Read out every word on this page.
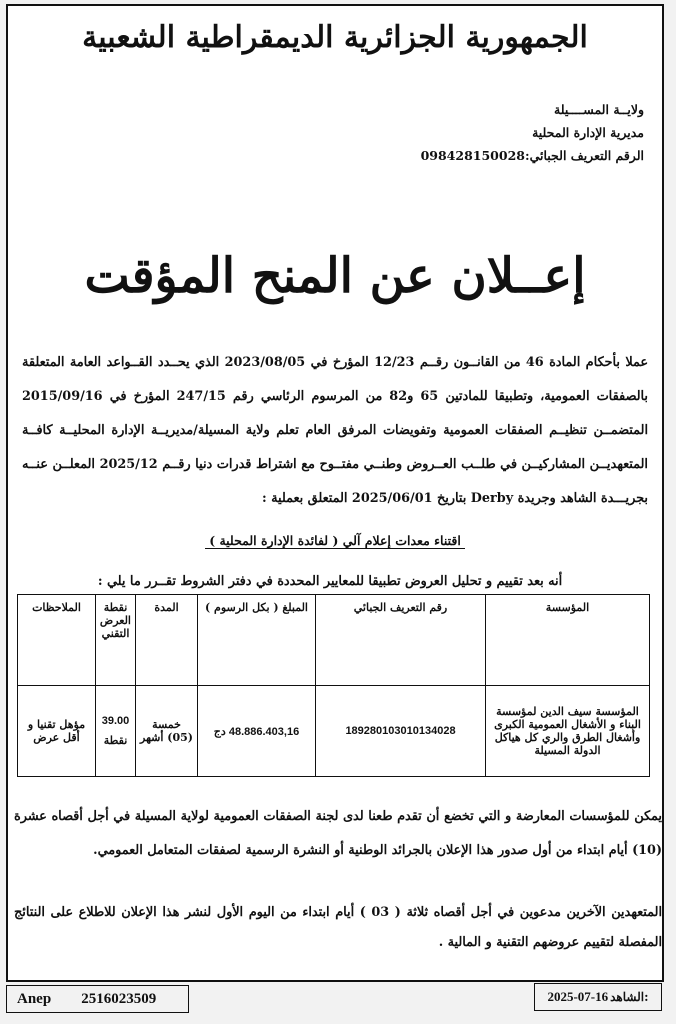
الجمهورية الجزائرية الديمقراطية الشعبية
ولايــة المســــيلة
مديرية الإدارة المحلية
الرقم التعريف الجبائي:098428150028
إعــلان عن المنح المؤقت
عملا بأحكام المادة 46 من القانــون رقــم 12/23 المؤرخ في 2023/08/05 الذي يحــدد القــواعد العامة المتعلقة بالصفقات العمومية، وتطبيقا للمادتين 65 و82 من المرسوم الرئاسي رقم 247/15 المؤرخ في 2015/09/16 المتضمــن تنظيــم الصفقات العمومية وتفويضات المرفق العام تعلم ولاية المسيلة/مديريــة الإدارة المحليــة كافــة المتعهديــن المشاركيــن في طلــب العــروض وطنــي مفتــوح مع اشتراط قدرات دنيا رقــم 2025/12 المعلــن عنــه بجريـــدة الشاهد وجريدة Derby بتاريخ 2025/06/01 المتعلق بعملية :
اقتناء معدات إعلام آلي ( لفائدة الإدارة المحلية )
أنه بعد تقييم و تحليل العروض تطبيقا للمعايير المحددة في دفتر الشروط تقــرر ما يلي :
المؤسسة	رقم التعريف الجبائي	المبلغ ( بكل الرسوم )	المدة	نقطة العرض التقني	الملاحظات
المؤسسة سيف الدين لمؤسسة البناء و الأشغال العمومية الكبرى وأشغال الطرق والري كل هياكل الدولة المسيلة	189280103010134028	48.886.403,16 دج	خمسة (05) أشهر	39.00 نقطة	مؤهل تقنيا و أقل عرض
يمكن للمؤسسات المعارضة و التي تخضع أن تقدم طعنا لدى لجنة الصفقات العمومية لولاية المسيلة في أجل أقصاه عشرة (10) أيام ابتداء من أول صدور هذا الإعلان بالجرائد الوطنية أو النشرة الرسمية لصفقات المتعامل العمومي.
المتعهدين الآخرين مدعوين في أجل أقصاه ثلاثة ( 03 ) أيام ابتداء من اليوم الأول لنشر هذا الإعلان للاطلاع على النتائج المفصلة لتقييم عروضهم التقنية و المالية .
Anep 2516023509	2025-07-16 الشاهد:
